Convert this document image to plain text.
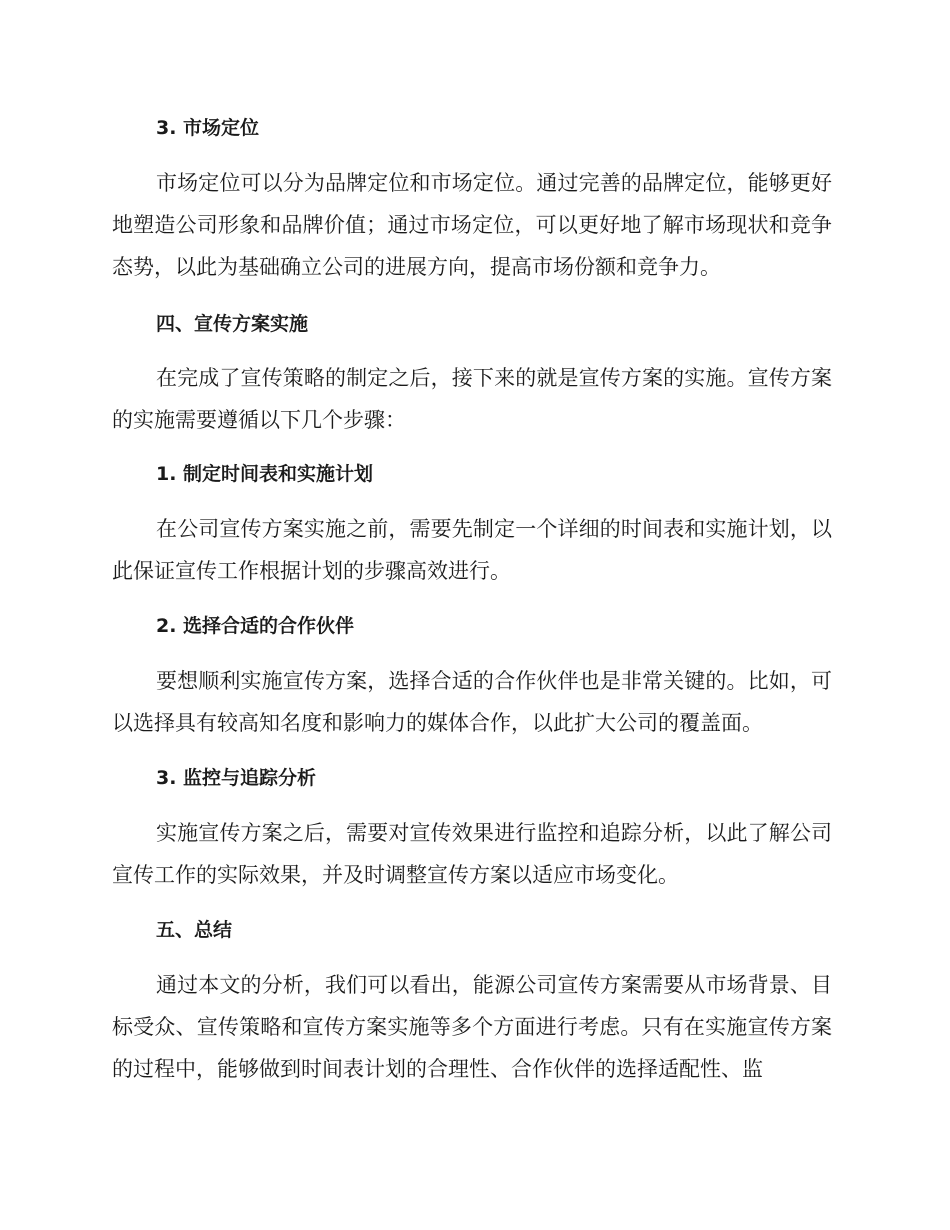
3. 市场定位
市场定位可以分为品牌定位和市场定位。通过完善的品牌定位，能够更好地塑造公司形象和品牌价值；通过市场定位，可以更好地了解市场现状和竞争态势，以此为基础确立公司的进展方向，提高市场份额和竞争力。
四、宣传方案实施
在完成了宣传策略的制定之后，接下来的就是宣传方案的实施。宣传方案的实施需要遵循以下几个步骤：
1. 制定时间表和实施计划
在公司宣传方案实施之前，需要先制定一个详细的时间表和实施计划，以此保证宣传工作根据计划的步骤高效进行。
2. 选择合适的合作伙伴
要想顺利实施宣传方案，选择合适的合作伙伴也是非常关键的。比如，可以选择具有较高知名度和影响力的媒体合作，以此扩大公司的覆盖面。
3. 监控与追踪分析
实施宣传方案之后，需要对宣传效果进行监控和追踪分析，以此了解公司宣传工作的实际效果，并及时调整宣传方案以适应市场变化。
五、总结
通过本文的分析，我们可以看出，能源公司宣传方案需要从市场背景、目标受众、宣传策略和宣传方案实施等多个方面进行考虑。只有在实施宣传方案的过程中，能够做到时间表计划的合理性、合作伙伴的选择适配性、监
